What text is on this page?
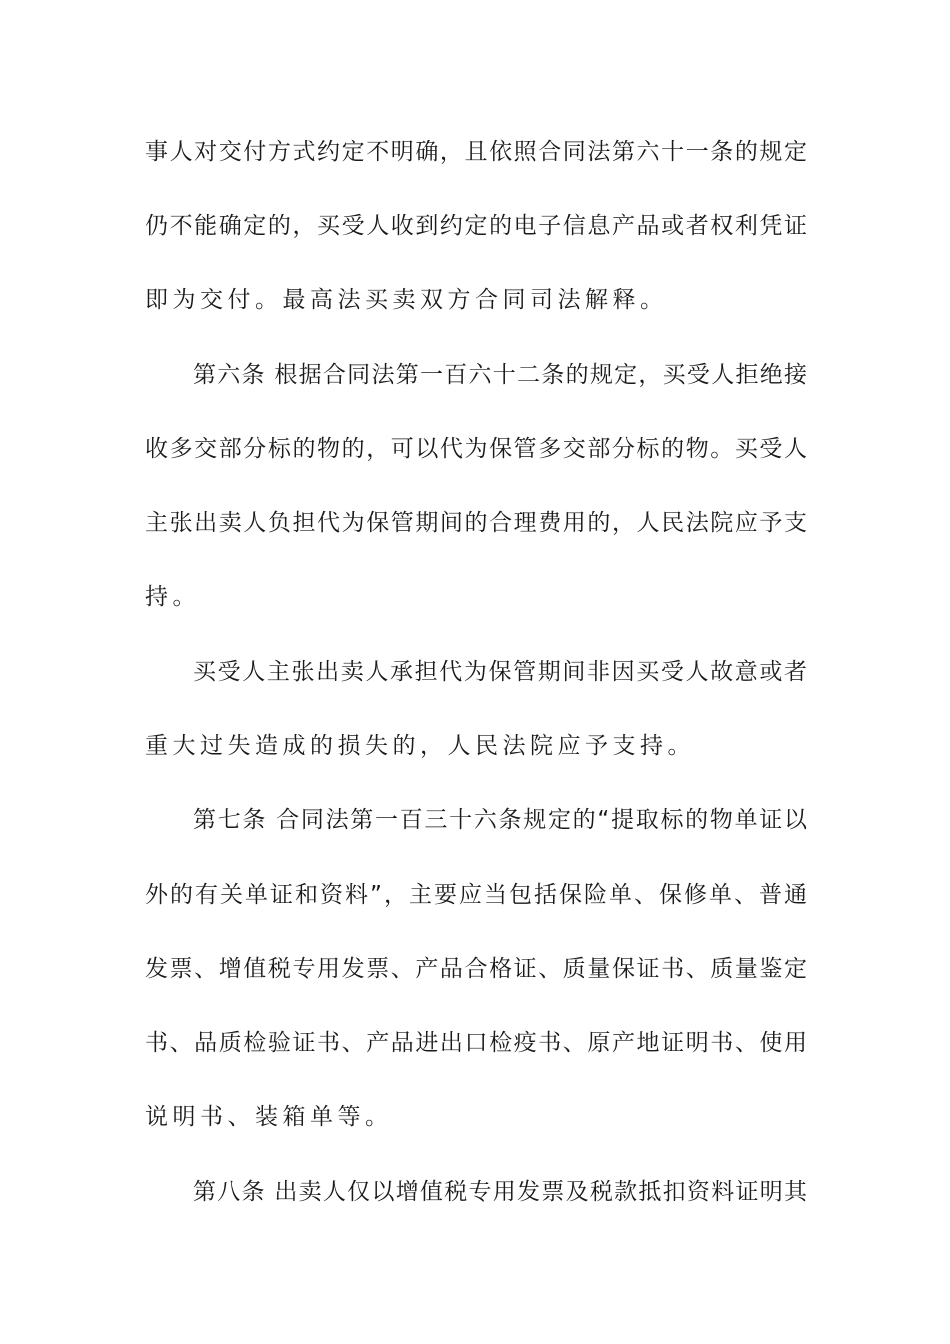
事人对交付方式约定不明确，且依照合同法第六十一条的规定
仍不能确定的，买受人收到约定的电子信息产品或者权利凭证
即为交付。最高法买卖双方合同司法解释。
第六条 根据合同法第一百六十二条的规定，买受人拒绝接
收多交部分标的物的，可以代为保管多交部分标的物。买受人
主张出卖人负担代为保管期间的合理费用的，人民法院应予支
持。
买受人主张出卖人承担代为保管期间非因买受人故意或者
重大过失造成的损失的，人民法院应予支持。
第七条 合同法第一百三十六条规定的“提取标的物单证以
外的有关单证和资料”，主要应当包括保险单、保修单、普通
发票、增值税专用发票、产品合格证、质量保证书、质量鉴定
书、品质检验证书、产品进出口检疫书、原产地证明书、使用
说明书、装箱单等。
第八条 出卖人仅以增值税专用发票及税款抵扣资料证明其
